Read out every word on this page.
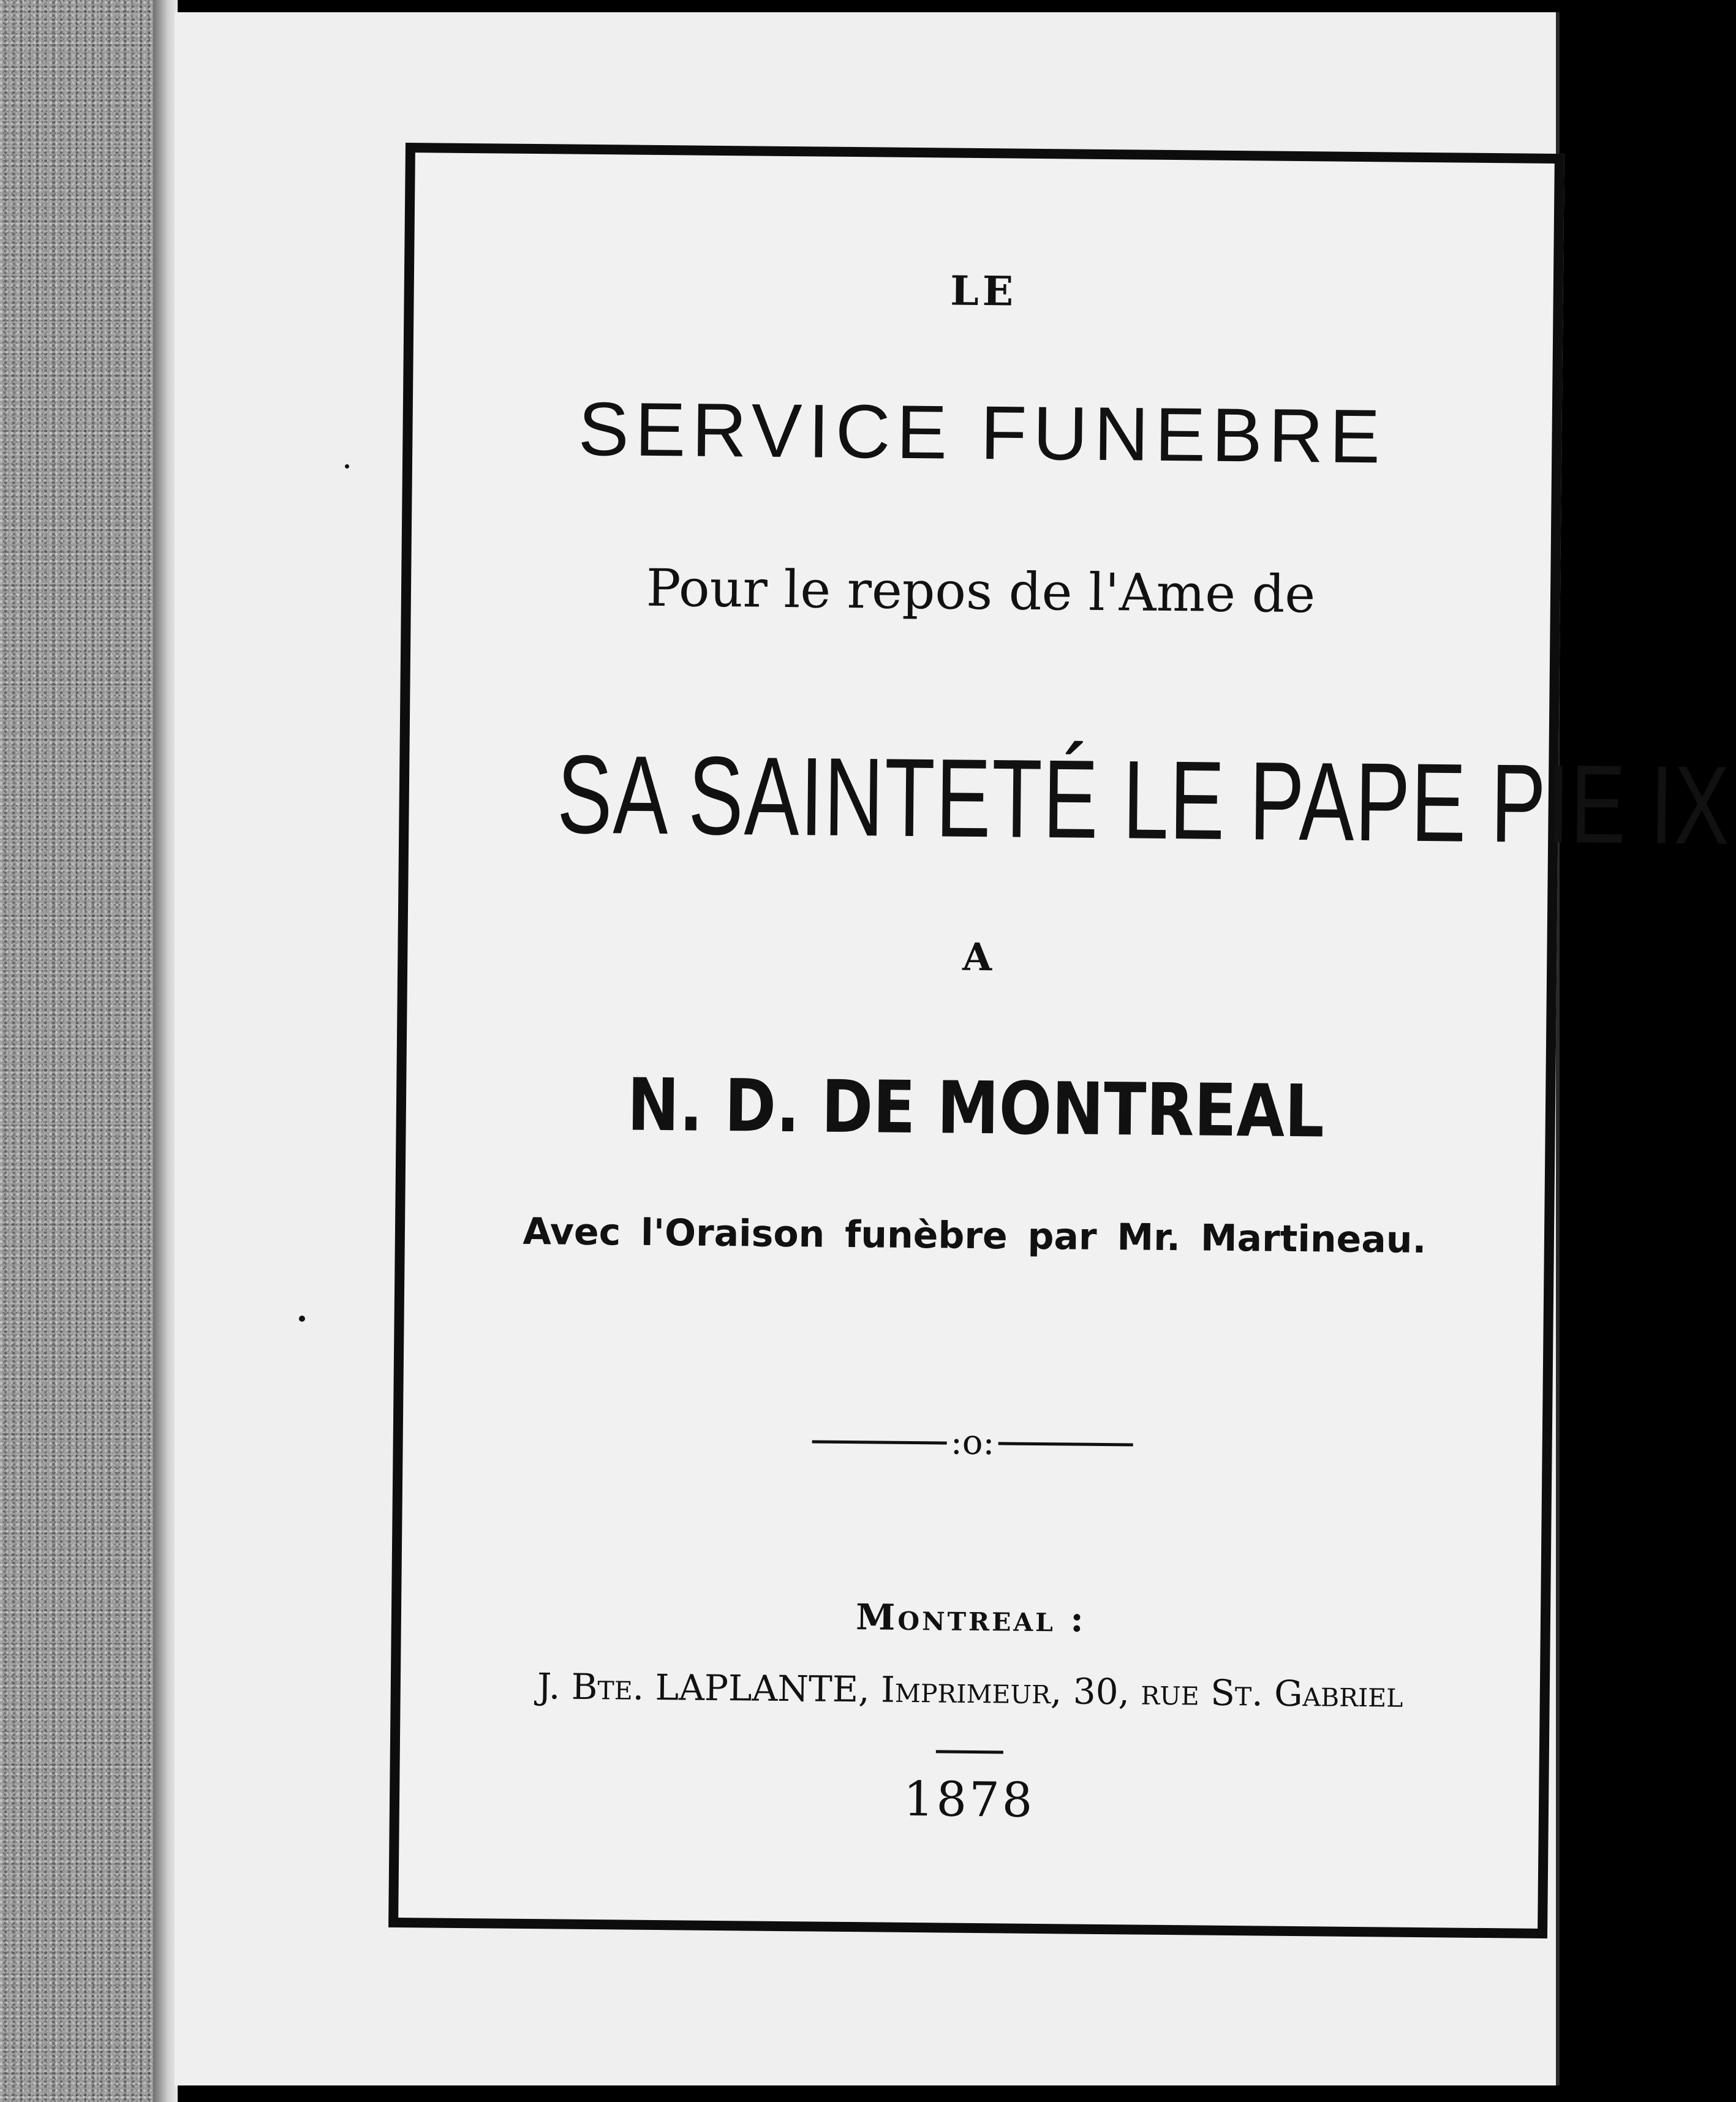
LE
SERVICE FUNEBRE
Pour le repos de l'Ame de
SA SAINTETÉ LE PAPE PIE IX
A
N. D. DE MONTREAL
Avec l'Oraison funèbre par Mr. Martineau.
:o:
Montreal :
J. Bte. LAPLANTE, Imprimeur, 30, rue St. Gabriel
1878
